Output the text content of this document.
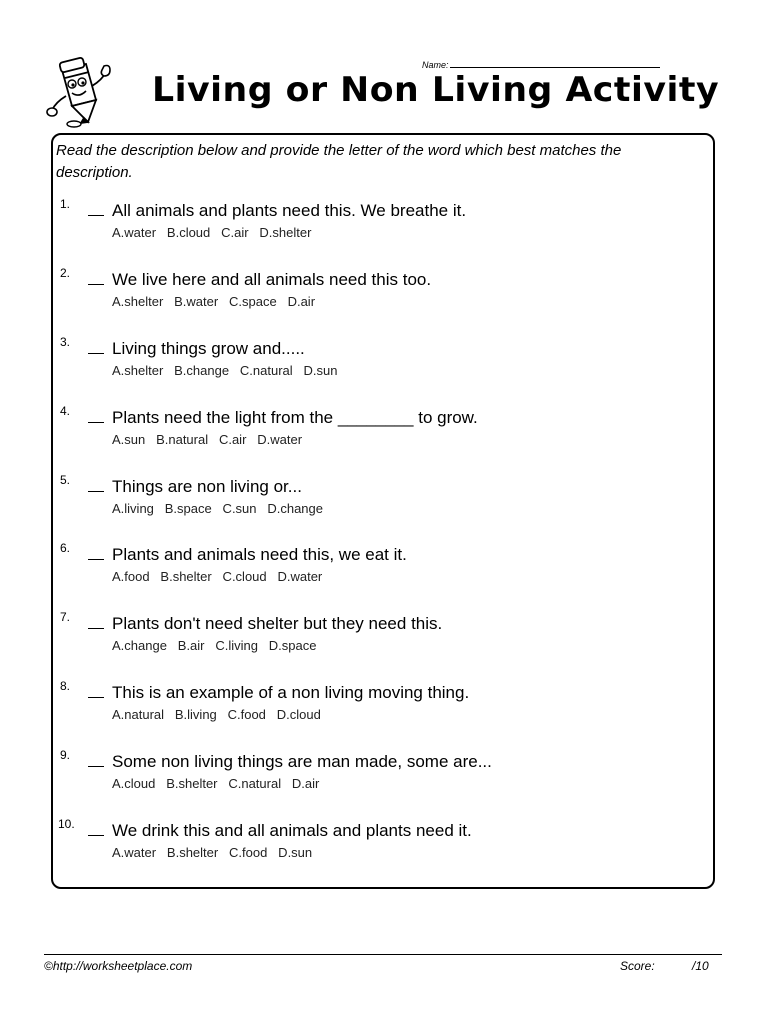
Name:
Living or Non Living Activity
Read the description below and provide the letter of the word which best matches the description.
1.	All animals and plants need this. We breathe it.
A.water   B.cloud   C.air   D.shelter
2.	We live here and all animals need this too.
A.shelter   B.water   C.space   D.air
3.	Living things grow and.....
A.shelter   B.change   C.natural   D.sun
4.	Plants need the light from the ________ to grow.
A.sun   B.natural   C.air   D.water
5.	Things are non living or...
A.living   B.space   C.sun   D.change
6.	Plants and animals need this, we eat it.
A.food   B.shelter   C.cloud   D.water
7.	Plants don't need shelter but they need this.
A.change   B.air   C.living   D.space
8.	This is an example of a non living moving thing.
A.natural   B.living   C.food   D.cloud
9.	Some non living things are man made, some are...
A.cloud   B.shelter   C.natural   D.air
10.	We drink this and all animals and plants need it.
A.water   B.shelter   C.food   D.sun
©http://worksheetplace.com	Score:	/10
